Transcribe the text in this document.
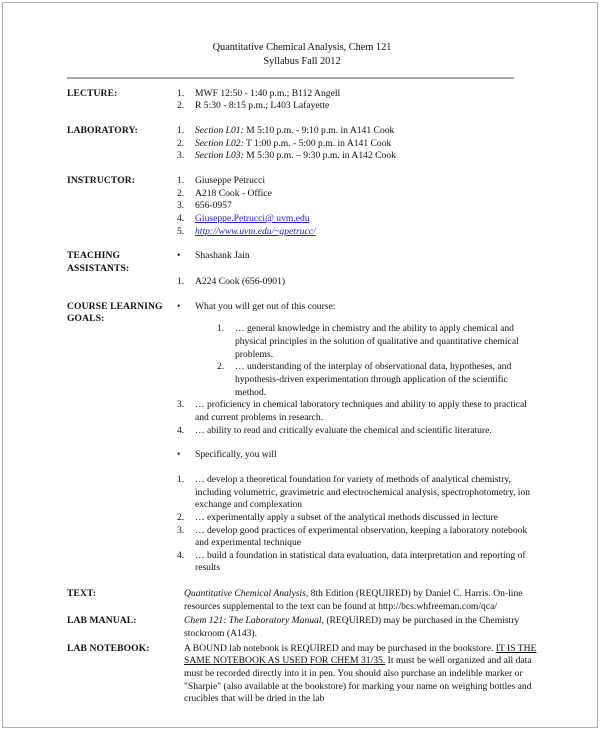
Quantitative Chemical Analysis, Chem 121
Syllabus Fall 2012
LECTURE:	1.	MWF 12:50 - 1:40 p.m.; B112 Angell
2.	R 5:30 - 8:15 p.m.; L403 Lafayette
LABORATORY:	1.	Section L01: M 5:10 p.m. - 9:10 p.m. in A141 Cook
2.	Section L02: T 1:00 p.m. - 5:00 p.m. in A141 Cook
3.	Section L03: M 5:30 p.m. – 9:30 p.m. in A142 Cook
INSTRUCTOR:	1.	Giuseppe Petrucci
2.	A218 Cook - Office
3.	656-0957
4.	Giuseppe.Petrucci@ uvm.edu
5.	http://www.uvm.edu/~gpetrucc/
TEACHING ASSISTANTS:
•	Shashank Jain
1.	A224 Cook (656-0901)
COURSE LEARNING GOALS:
•	What you will get out of this course:
1.	… general knowledge in chemistry and the ability to apply chemical and physical principles in the solution of qualitative and quantitative chemical problems.
2.	… understanding of the interplay of observational data, hypotheses, and hypothesis-driven experimentation through application of the scientific method.
3.	… proficiency in chemical laboratory techniques and ability to apply these to practical and current problems in research.
4.	… ability to read and critically evaluate the chemical and scientific literature.
•	Specifically, you will
1.	… develop a theoretical foundation for variety of methods of analytical chemistry, including volumetric, gravimetric and electrochemical analysis, spectrophotometry, ion exchange and complexation
2.	… experimentally apply a subset of the analytical methods discussed in lecture
3.	… develop good practices of experimental observation, keeping a laboratory notebook and experimental technique
4.	… build a foundation in statistical data evaluation, data interpretation and reporting of results
TEXT:	Quantitative Chemical Analysis, 8th Edition (REQUIRED) by Daniel C. Harris. On-line resources supplemental to the text can be found at http://bcs.whfreeman.com/qca/
LAB MANUAL:	Chem 121: The Laboratory Manual, (REQUIRED) may be purchased in the Chemistry stockroom (A143).
LAB NOTEBOOK:	A BOUND lab notebook is REQUIRED and may be purchased in the bookstore. IT IS THE SAME NOTEBOOK AS USED FOR CHEM 31/35. It must be well organized and all data must be recorded directly into it in pen. You should also purchase an indelible marker or "Sharpie" (also available at the bookstore) for marking your name on weighing bottles and crucibles that will be dried in the lab
